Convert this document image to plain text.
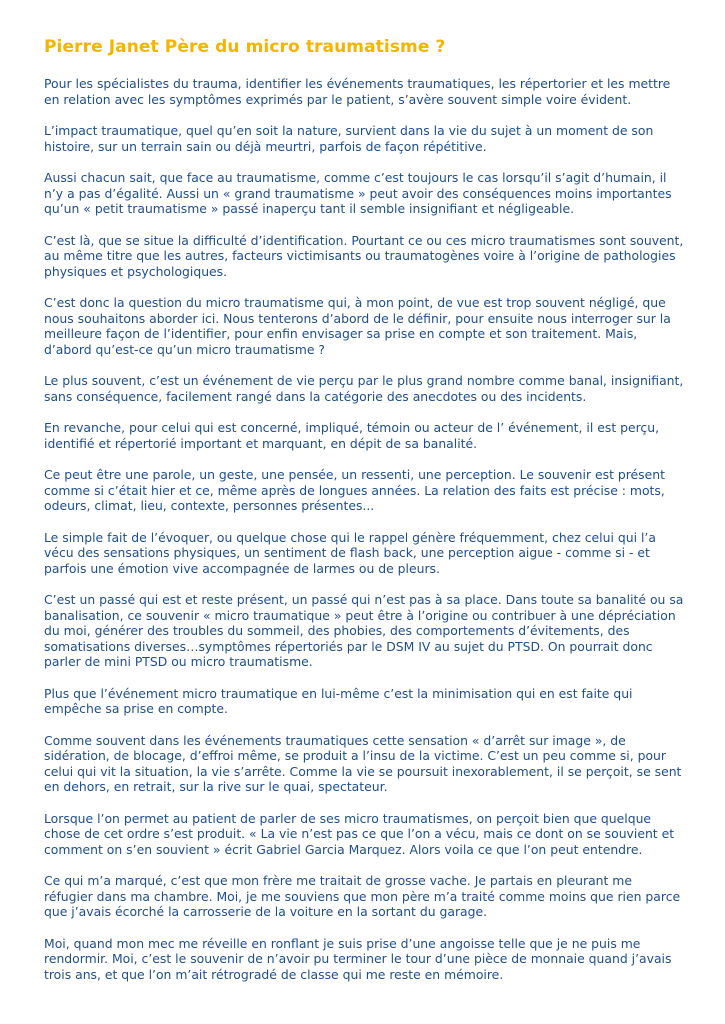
Pierre Janet Père du micro traumatisme ?

Pour les spécialistes du trauma, identifier les événements traumatiques, les répertorier et les mettre en relation avec les symptômes exprimés par le patient, s’avère souvent simple voire évident.

L’impact traumatique, quel qu’en soit la nature, survient dans la vie du sujet à un moment de son histoire, sur un terrain sain ou déjà meurtri, parfois de façon répétitive.

Aussi chacun sait, que face au traumatisme, comme c’est toujours le cas lorsqu’il s’agit d’humain, il n’y a pas d’égalité. Aussi un « grand traumatisme » peut avoir des conséquences moins importantes qu’un « petit traumatisme » passé inaperçu tant il semble insignifiant et négligeable.

C’est là, que se situe la difficulté d’identification. Pourtant ce ou ces micro traumatismes sont souvent, au même titre que les autres, facteurs victimisants ou traumatogènes voire à l’origine de pathologies physiques et psychologiques.

C’est donc la question du micro traumatisme qui, à mon point, de vue est trop souvent négligé, que nous souhaitons aborder ici. Nous tenterons d’abord de le définir, pour ensuite nous interroger sur la meilleure façon de l’identifier, pour enfin envisager sa prise en compte et son traitement. Mais, d’abord qu’est-ce qu’un micro traumatisme ?

Le plus souvent, c’est un événement de vie perçu par le plus grand nombre comme banal, insignifiant, sans conséquence, facilement rangé dans la catégorie des anecdotes ou des incidents.

En revanche, pour celui qui est concerné, impliqué, témoin ou acteur de l’ événement, il est perçu, identifié et répertorié important et marquant, en dépit de sa banalité.

Ce peut être une parole, un geste, une pensée, un ressenti, une perception. Le souvenir est présent comme si c’était hier et ce, même après de longues années. La relation des faits est précise : mots, odeurs, climat, lieu, contexte, personnes présentes...

Le simple fait de l’évoquer, ou quelque chose qui le rappel génère fréquemment, chez celui qui l’a vécu des sensations physiques, un sentiment de flash back, une perception aigue - comme si - et parfois une émotion vive accompagnée de larmes ou de pleurs.

C’est un passé qui est et reste présent, un passé qui n’est pas à sa place. Dans toute sa banalité ou sa banalisation, ce souvenir « micro traumatique » peut être à l’origine ou contribuer à une dépréciation du moi, générer des troubles du sommeil, des phobies, des comportements d’évitements, des somatisations diverses…symptômes répertoriés par le DSM IV au sujet du PTSD. On pourrait donc parler de mini PTSD ou micro traumatisme.

Plus que l’événement micro traumatique en lui-même c’est la minimisation qui en est faite qui empêche sa prise en compte.

Comme souvent dans les événements traumatiques cette sensation « d’arrêt sur image », de sidération, de blocage, d’effroi même, se produit a l’insu de la victime. C’est un peu comme si, pour celui qui vit la situation, la vie s’arrête. Comme la vie se poursuit inexorablement, il se perçoit, se sent en dehors, en retrait, sur la rive sur le quai, spectateur.

Lorsque l’on permet au patient de parler de ses micro traumatismes, on perçoit bien que quelque chose de cet ordre s’est produit. « La vie n’est pas ce que l’on a vécu, mais ce dont on se souvient et comment on s’en souvient » écrit Gabriel Garcia Marquez. Alors voila ce que l’on peut entendre.

Ce qui m’a marqué, c’est que mon frère me traitait de grosse vache. Je partais en pleurant me réfugier dans ma chambre. Moi, je me souviens que mon père m’a traité comme moins que rien parce que j’avais écorché la carrosserie de la voiture en la sortant du garage.

Moi, quand mon mec me réveille en ronflant je suis prise d’une angoisse telle que je ne puis me rendormir. Moi, c’est le souvenir de n’avoir pu terminer le tour d’une pièce de monnaie quand j’avais trois ans, et que l’on m’ait rétrogradé de classe qui me reste en mémoire.
